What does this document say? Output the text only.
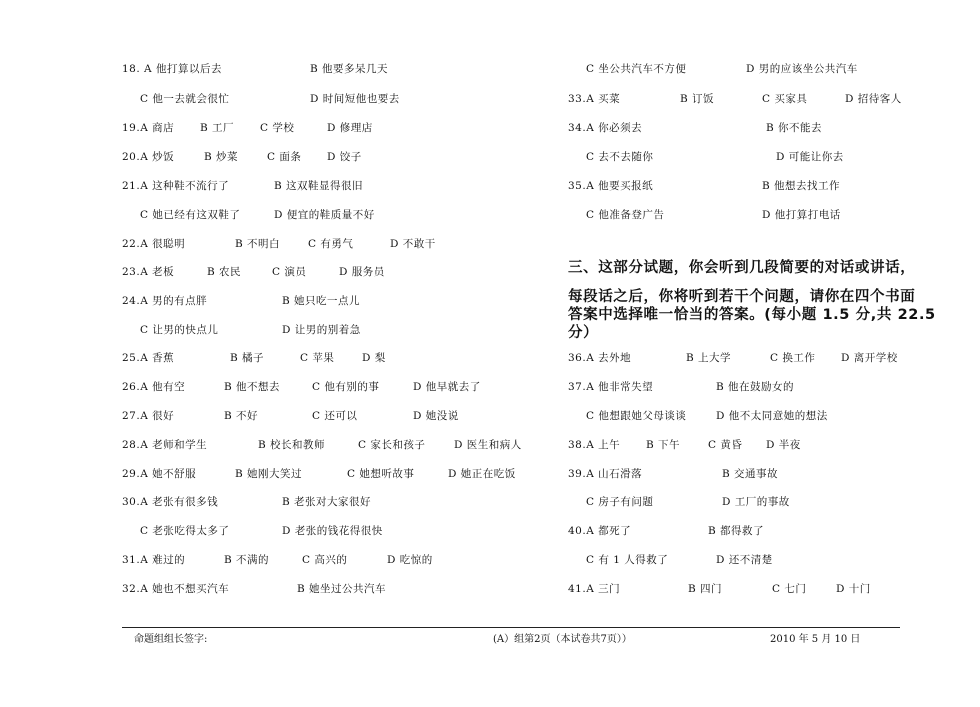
18. A 他打算以后去	B 他要多呆几天
C 他一去就会很忙	D 时间短他也要去
19.A 商店 B 工厂 C 学校	D 修理店
20.A 炒饭	B 炒菜	C 面条 D 饺子
21.A 这种鞋不流行了	B 这双鞋显得很旧
C 她已经有这双鞋了	D 便宜的鞋质量不好
22.A 很聪明	B 不明白	C 有勇气	D 不敢干
23.A 老板	B 农民	C 演员	D 服务员
24.A 男的有点胖	B 她只吃一点儿
C 让男的快点儿	D 让男的别着急
25.A 香蕉	B 橘子	C 苹果	D 梨
26.A 他有空	B 他不想去	C 他有别的事	D 他早就去了
27.A 很好	B 不好	C 还可以	D 她没说
28.A 老师和学生	B 校长和教师	C 家长和孩子	D 医生和病人
29.A 她不舒服	B 她刚大笑过	C 她想听故事	D 她正在吃饭
30.A 老张有很多钱	B 老张对大家很好
C 老张吃得太多了	D 老张的钱花得很快
31.A 难过的	B 不满的	C 高兴的	D 吃惊的
32.A 她也不想买汽车	B 她坐过公共汽车
C 坐公共汽车不方便	D 男的应该坐公共汽车
33.A 买菜	B 订饭	C 买家具	D 招待客人
34.A 你必须去	B 你不能去
C 去不去随你	D 可能让你去
35.A 他要买报纸	B 他想去找工作
C 他准备登广告	D 他打算打电话
36.A 去外地	B 上大学	C 换工作 D 离开学校
37.A 他非常失望	B 他在鼓励女的
C 他想跟她父母谈谈	D 他不太同意她的想法
38.A 上午 B 下午	C 黄昏 D 半夜
39.A 山石滑落	B 交通事故
C 房子有问题	D 工厂的事故
40.A 都死了	B 都得救了
C 有 1 人得救了	D 还不清楚
41.A 三门	B 四门	C 七门	D 十门
三、这部分试题，你会听到几段简要的对话或讲话，
每段话之后，你将听到若干个问题，请你在四个书面
答案中选择唯一恰当的答案。(每小题 1.5 分,共 22.5
分）
命题组组长签字:	(A）组第2页（本试卷共7页））	2010 年 5 月 10 日
